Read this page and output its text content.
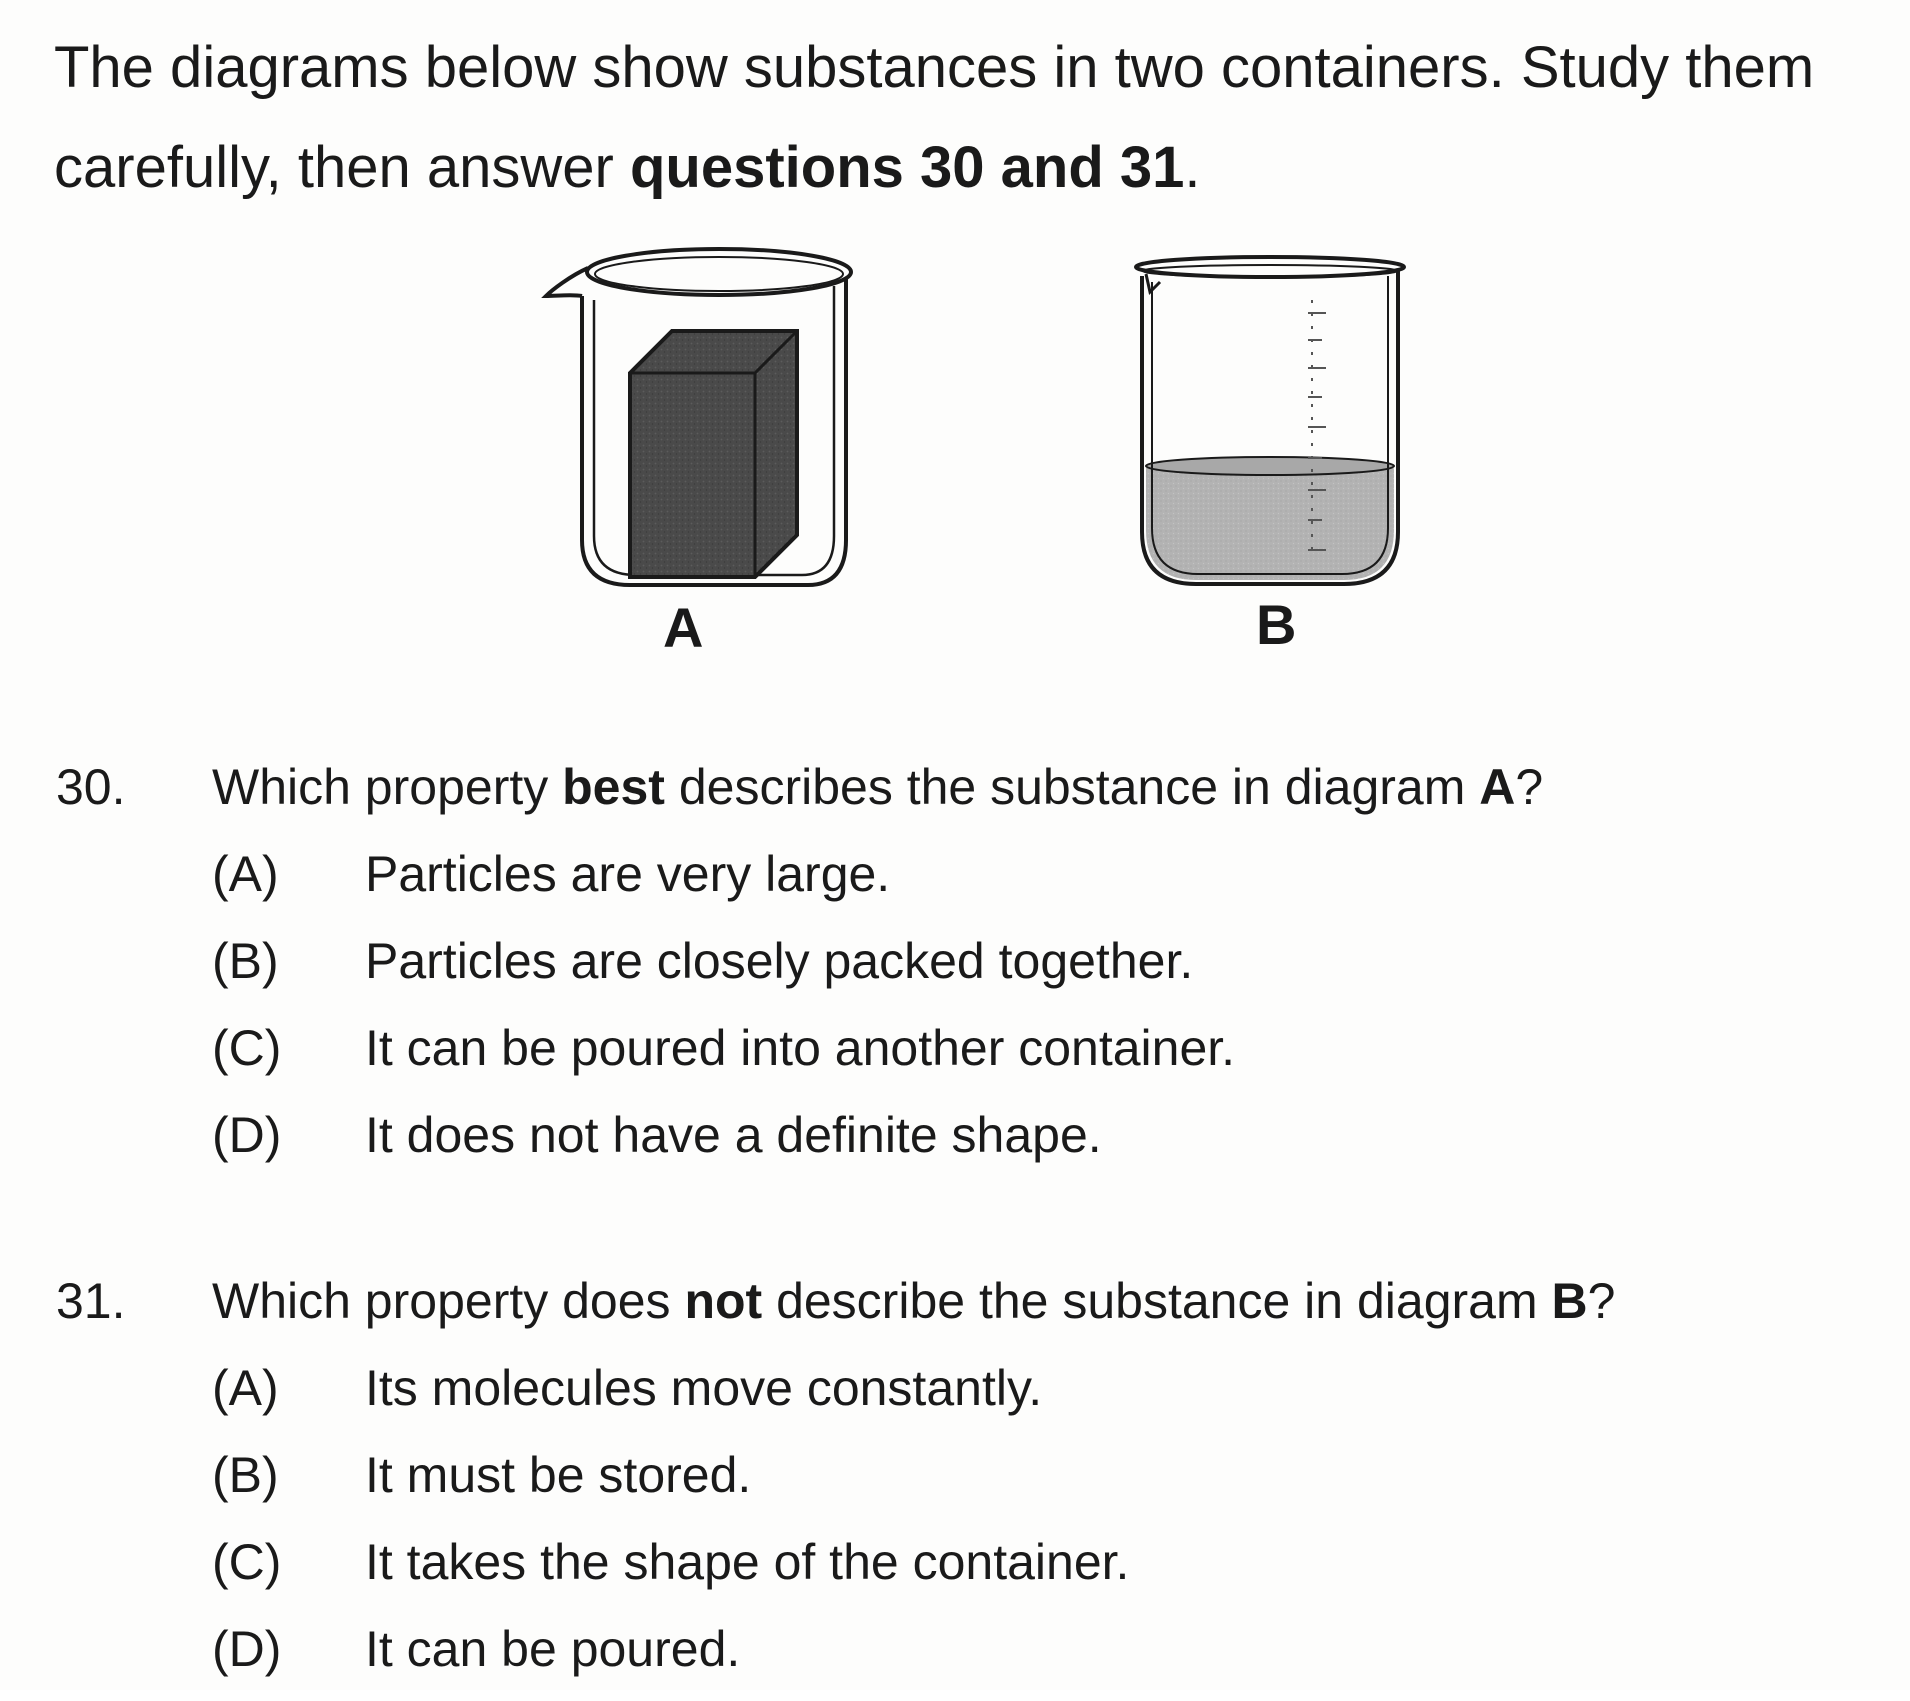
The diagrams below show substances in two containers. Study them carefully, then answer questions 30 and 31.
A	B
30. Which property best describes the substance in diagram A?
(A) Particles are very large.
(B) Particles are closely packed together.
(C) It can be poured into another container.
(D) It does not have a definite shape.
31. Which property does not describe the substance in diagram B?
(A) Its molecules move constantly.
(B) It must be stored.
(C) It takes the shape of the container.
(D) It can be poured.
